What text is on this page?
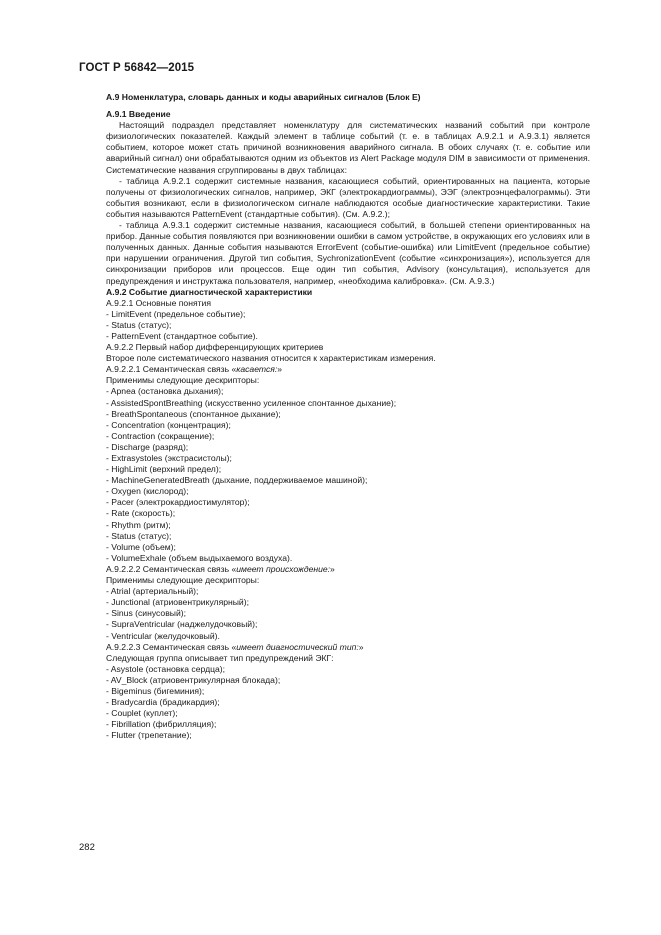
ГОСТ Р 56842—2015

А.9 Номенклатура, словарь данных и коды аварийных сигналов (Блок Е)

А.9.1 Введение

Настоящий подраздел представляет номенклатуру для систематических названий событий при контроле физиологических показателей. Каждый элемент в таблице событий (т. е. в таблицах А.9.2.1 и А.9.3.1) является событием, которое может стать причиной возникновения аварийного сигнала. В обоих случаях (т. е. событие или аварийный сигнал) они обрабатываются одним из объектов из Alert Package модуля DIM в зависимости от применения. Систематические названия сгруппированы в двух таблицах:

- таблица А.9.2.1 содержит системные названия, касающиеся событий, ориентированных на пациента, которые получены от физиологических сигналов, например, ЭКГ (электрокардиограммы), ЭЭГ (электроэнцефалограммы). Эти события возникают, если в физиологическом сигнале наблюдаются особые диагностические характеристики. Такие события называются PatternEvent (стандартные события). (См. А.9.2.);

- таблица А.9.3.1 содержит системные названия, касающиеся событий, в большей степени ориентированных на прибор. Данные события появляются при возникновении ошибки в самом устройстве, в окружающих его условиях или в полученных данных. Данные события называются ErrorEvent (событие-ошибка) или LimitEvent (предельное событие) при нарушении ограничения. Другой тип события, SychronizationEvent (событие «синхронизация»), используется для синхронизации приборов или процессов. Еще один тип события, Advisory (консультация), используется для предупреждения и инструктажа пользователя, например, «необходима калибровка». (См. А.9.3.)

А.9.2 Событие диагностической характеристики

А.9.2.1 Основные понятия

- LimitEvent (предельное событие);

- Status (статус);

- PatternEvent (стандартное событие).

А.9.2.2 Первый набор дифференцирующих критериев

Второе поле систематического названия относится к характеристикам измерения.

А.9.2.2.1 Семантическая связь «касается:»

Применимы следующие дескрипторы:

- Apnea (остановка дыхания);

- AssistedSpontBreathing (искусственно усиленное спонтанное дыхание);

- BreathSpontaneous (спонтанное дыхание);

- Concentration (концентрация);

- Contraction (сокращение);

- Discharge (разряд);

- Extrasystoles (экстрасистолы);

- HighLimit (верхний предел);

- MachineGeneratedBreath (дыхание, поддерживаемое машиной);

- Oxygen (кислород);

- Pacer (электрокардиостимулятор);

- Rate (скорость);

- Rhythm (ритм);

- Status (статус);

- Volume (объем);

- VolumeExhale (объем выдыхаемого воздуха).

А.9.2.2.2 Семантическая связь «имеет происхождение:»

Применимы следующие дескрипторы:

- Atrial (артериальный);

- Junctional (атриовентрикулярный);

- Sinus (синусовый);

- SupraVentricular (наджелудочковый);

- Ventricular (желудочковый).

А.9.2.2.3 Семантическая связь «имеет диагностический тип:»

Следующая группа описывает тип предупреждений ЭКГ:

- Asystole (остановка сердца);

- AV_Block (атриовентрикулярная блокада);

- Bigeminus (бигеминия);

- Bradycardia (брадикардия);

- Couplet (куплет);

- Fibrillation (фибрилляция);

- Flutter (трепетание);

282
